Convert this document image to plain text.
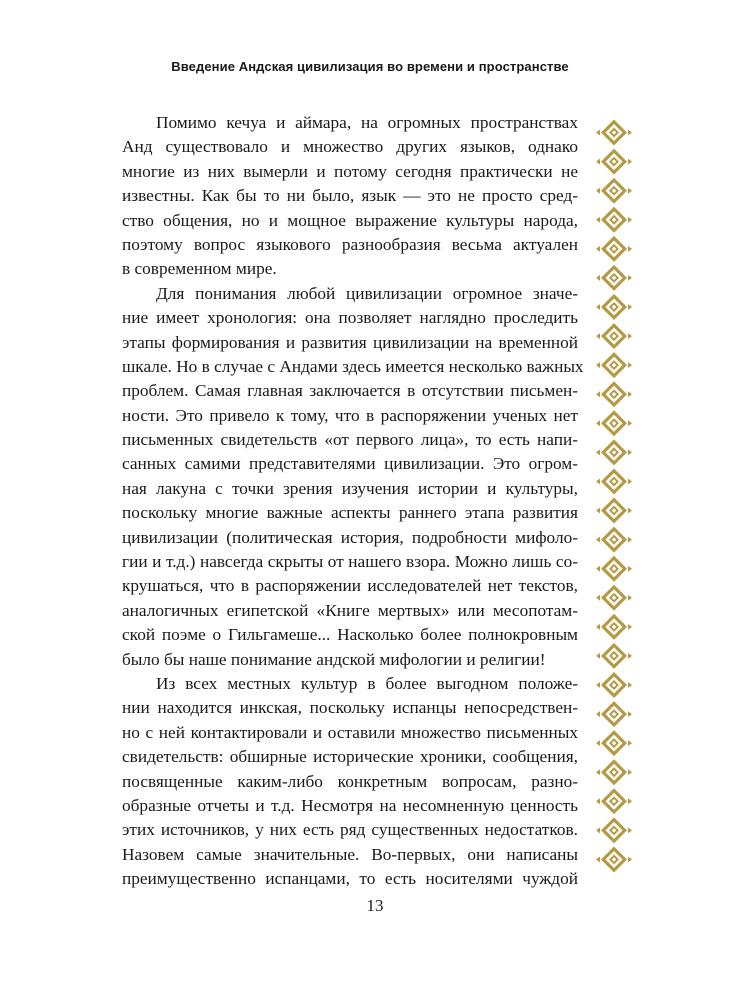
Введение Андская цивилизация во времени и пространстве
Помимо кечуа и аймара, на огромных пространствах
Анд существовало и множество других языков, однако
многие из них вымерли и потому сегодня практически не
известны. Как бы то ни было, язык — это не просто сред-
ство общения, но и мощное выражение культуры народа,
поэтому вопрос языкового разнообразия весьма актуален
в современном мире.
Для понимания любой цивилизации огромное значе-
ние имеет хронология: она позволяет наглядно проследить
этапы формирования и развития цивилизации на временной
шкале. Но в случае с Андами здесь имеется несколько важных
проблем. Самая главная заключается в отсутствии письмен-
ности. Это привело к тому, что в распоряжении ученых нет
письменных свидетельств «от первого лица», то есть напи-
санных самими представителями цивилизации. Это огром-
ная лакуна с точки зрения изучения истории и культуры,
поскольку многие важные аспекты раннего этапа развития
цивилизации (политическая история, подробности мифоло-
гии и т.д.) навсегда скрыты от нашего взора. Можно лишь со-
крушаться, что в распоряжении исследователей нет текстов,
аналогичных египетской «Книге мертвых» или месопотам-
ской поэме о Гильгамеше... Насколько более полнокровным
было бы наше понимание андской мифологии и религии!
Из всех местных культур в более выгодном положе-
нии находится инкская, поскольку испанцы непосредствен-
но с ней контактировали и оставили множество письменных
свидетельств: обширные исторические хроники, сообщения,
посвященные каким-либо конкретным вопросам, разно-
образные отчеты и т.д. Несмотря на несомненную ценность
этих источников, у них есть ряд существенных недостатков.
Назовем самые значительные. Во-первых, они написаны
преимущественно испанцами, то есть носителями чуждой
13
